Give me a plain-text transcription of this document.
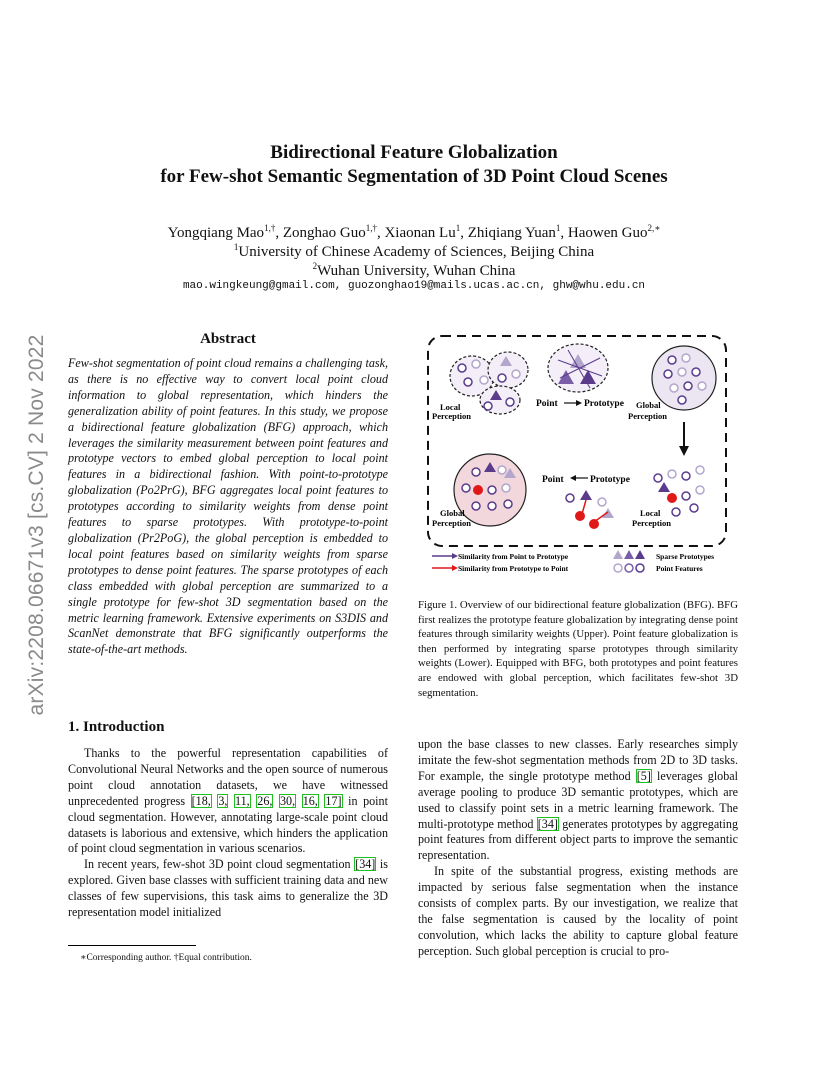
arXiv:2208.06671v3 [cs.CV] 2 Nov 2022
Bidirectional Feature Globalization
for Few-shot Semantic Segmentation of 3D Point Cloud Scenes
Yongqiang Mao$^{1,\dagger}$, Zonghao Guo$^{1,\dagger}$, Xiaonan Lu$^1$, Zhiqiang Yuan$^1$, Haowen Guo$^{2,∗}$
$^1$University of Chinese Academy of Sciences, Beijing China
$^2$Wuhan University, Wuhan China
mao.wingkeung@gmail.com, guozonghao19@mails.ucas.ac.cn, ghw@whu.edu.cn
Abstract
Few-shot segmentation of point cloud remains a challenging task, as there is no effective way to convert local point cloud information to global representation, which hinders the generalization ability of point features. In this study, we propose a bidirectional feature globalization (BFG) approach, which leverages the similarity measurement between point features and prototype vectors to embed global perception to local point features in a bidirectional fashion. With point-to-prototype globalization (Po2PrG), BFG aggregates local point features to prototypes according to similarity weights from dense point features to sparse prototypes. With prototype-to-point globalization (Pr2PoG), the global perception is embedded to local point features based on similarity weights from sparse prototypes to dense point features. The sparse prototypes of each class embedded with global perception are summarized to a single prototype for few-shot 3D segmentation based on the metric learning framework. Extensive experiments on S3DIS and ScanNet demonstrate that BFG significantly outperforms the state-of-the-art methods.
Local
Perception
Point	Prototype Global
Perception
Local
Perception
Point	Prototype
Global
Perception
Similarity from Point to Prototype
Similarity from Prototype to Point
Sparse Prototypes
Point Features
Figure 1. Overview of our bidirectional feature globalization (BFG). BFG first realizes the prototype feature globalization by integrating dense point features through similarity weights (Upper). Point feature globalization is then performed by integrating sparse prototypes through similarity weights (Lower). Equipped with BFG, both prototypes and point features are endowed with global perception, which facilitates few-shot 3D segmentation.
1. Introduction

Thanks to the powerful representation capabilities of Convolutional Neural Networks and the open source of numerous point cloud annotation datasets, we have witnessed unprecedented progress [18, 3, 11, 26, 30, 16, 17] in point cloud segmentation. However, annotating large-scale point cloud datasets is laborious and extensive, which hinders the application of point cloud segmentation in various scenarios.

In recent years, few-shot 3D point cloud segmentation [34] is explored. Given base classes with sufficient training data and new classes of few supervisions, this task aims to generalize the 3D representation model initialized

upon the base classes to new classes. Early researches simply imitate the few-shot segmentation methods from 2D to 3D tasks. For example, the single prototype method [5] leverages global average pooling to produce 3D semantic prototypes, which are used to classify point sets in a metric learning framework. The multi-prototype method [34] generates prototypes by aggregating point features from different object parts to improve the semantic representation.

In spite of the substantial progress, existing methods are impacted by serious false segmentation when the instance consists of complex parts. By our investigation, we realize that the false segmentation is caused by the locality of point convolution, which lacks the ability to capture global feature perception. Such global perception is crucial to pro-

∗Corresponding author. †Equal contribution.
